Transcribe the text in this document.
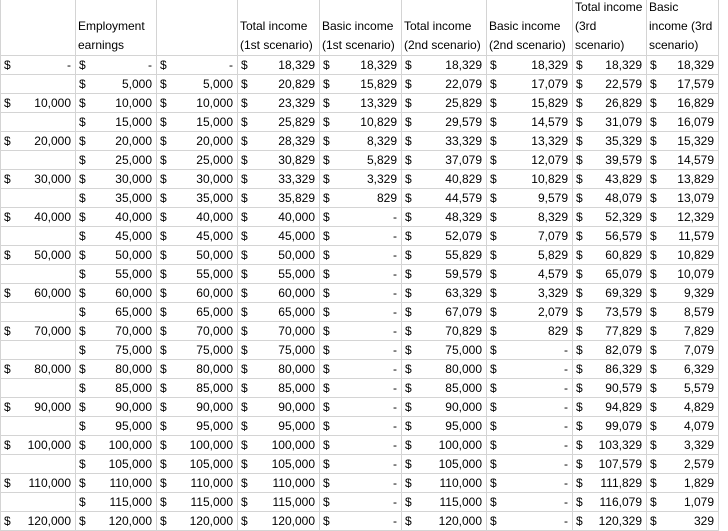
	Employment earnings		Total income (1st scenario)	Basic income (1st scenario)	Total income (2nd scenario)	Basic income (2nd scenario)	Total income (3rd scenario)	Basic income (3rd scenario)

$ -	$ -	$ -	$ 18,329	$ 18,329	$ 18,329	$ 18,329	$ 18,329	$ 18,329

	$ 5,000	$ 5,000	$ 20,829	$ 15,829	$ 22,079	$ 17,079	$ 22,579	$ 17,579

$ 10,000	$ 10,000	$ 10,000	$ 23,329	$ 13,329	$ 25,829	$ 15,829	$ 26,829	$ 16,829

	$ 15,000	$ 15,000	$ 25,829	$ 10,829	$ 29,579	$ 14,579	$ 31,079	$ 16,079

$ 20,000	$ 20,000	$ 20,000	$ 28,329	$ 8,329	$ 33,329	$ 13,329	$ 35,329	$ 15,329

	$ 25,000	$ 25,000	$ 30,829	$ 5,829	$ 37,079	$ 12,079	$ 39,579	$ 14,579

$ 30,000	$ 30,000	$ 30,000	$ 33,329	$ 3,329	$ 40,829	$ 10,829	$ 43,829	$ 13,829

	$ 35,000	$ 35,000	$ 35,829	$ 829	$ 44,579	$ 9,579	$ 48,079	$ 13,079

$ 40,000	$ 40,000	$ 40,000	$ 40,000	$ -	$ 48,329	$ 8,329	$ 52,329	$ 12,329

	$ 45,000	$ 45,000	$ 45,000	$ -	$ 52,079	$ 7,079	$ 56,579	$ 11,579

$ 50,000	$ 50,000	$ 50,000	$ 50,000	$ -	$ 55,829	$ 5,829	$ 60,829	$ 10,829

	$ 55,000	$ 55,000	$ 55,000	$ -	$ 59,579	$ 4,579	$ 65,079	$ 10,079

$ 60,000	$ 60,000	$ 60,000	$ 60,000	$ -	$ 63,329	$ 3,329	$ 69,329	$ 9,329

	$ 65,000	$ 65,000	$ 65,000	$ -	$ 67,079	$ 2,079	$ 73,579	$ 8,579

$ 70,000	$ 70,000	$ 70,000	$ 70,000	$ -	$ 70,829	$ 829	$ 77,829	$ 7,829

	$ 75,000	$ 75,000	$ 75,000	$ -	$ 75,000	$ -	$ 82,079	$ 7,079

$ 80,000	$ 80,000	$ 80,000	$ 80,000	$ -	$ 80,000	$ -	$ 86,329	$ 6,329

	$ 85,000	$ 85,000	$ 85,000	$ -	$ 85,000	$ -	$ 90,579	$ 5,579

$ 90,000	$ 90,000	$ 90,000	$ 90,000	$ -	$ 90,000	$ -	$ 94,829	$ 4,829

	$ 95,000	$ 95,000	$ 95,000	$ -	$ 95,000	$ -	$ 99,079	$ 4,079

$ 100,000	$ 100,000	$ 100,000	$ 100,000	$ -	$ 100,000	$ -	$ 103,329	$ 3,329

	$ 105,000	$ 105,000	$ 105,000	$ -	$ 105,000	$ -	$ 107,579	$ 2,579

$ 110,000	$ 110,000	$ 110,000	$ 110,000	$ -	$ 110,000	$ -	$ 111,829	$ 1,829

	$ 115,000	$ 115,000	$ 115,000	$ -	$ 115,000	$ -	$ 116,079	$ 1,079

$ 120,000	$ 120,000	$ 120,000	$ 120,000	$ -	$ 120,000	$ -	$ 120,329	$ 329
